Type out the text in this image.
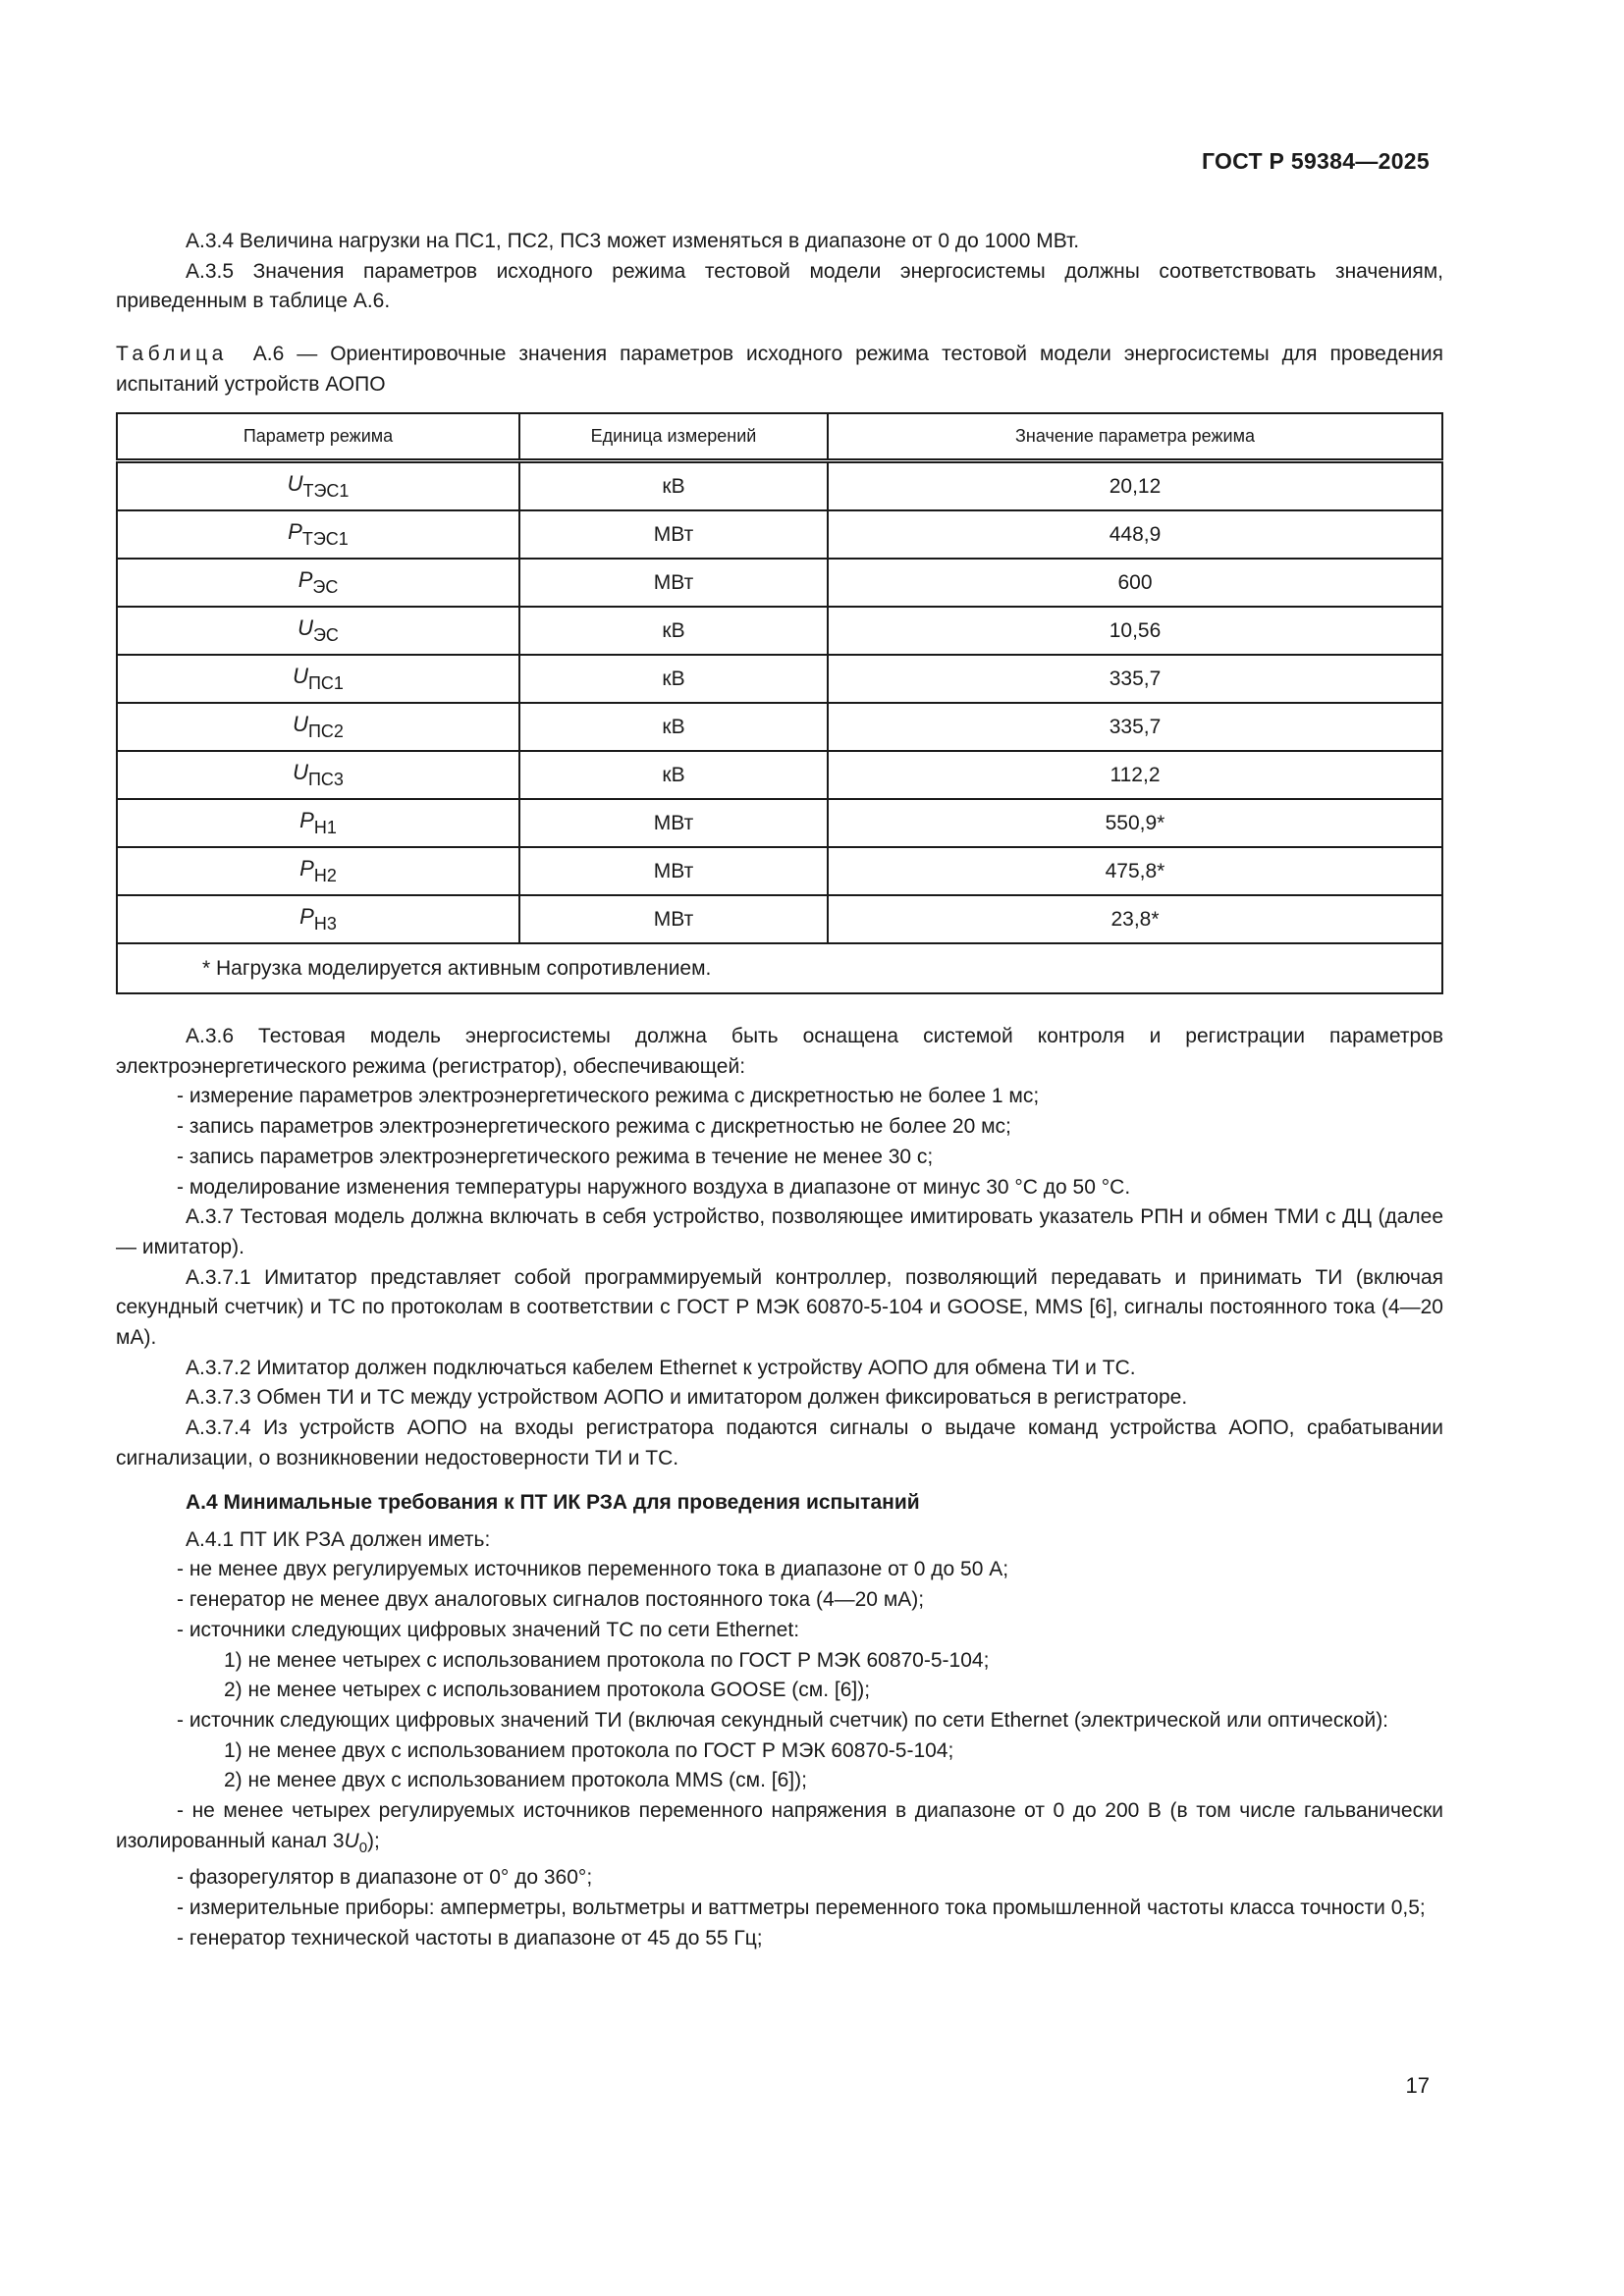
ГОСТ Р 59384—2025

А.3.4 Величина нагрузки на ПС1, ПС2, ПС3 может изменяться в диапазоне от 0 до 1000 МВт.

А.3.5 Значения параметров исходного режима тестовой модели энергосистемы должны соответствовать значениям, приведенным в таблице А.6.

Таблица А.6 — Ориентировочные значения параметров исходного режима тестовой модели энергосистемы для проведения испытаний устройств АОПО
Параметр режима	Единица измерений	Значение параметра режима
$U_{ТЭС1}$	кВ	20,12
$P_{ТЭС1}$	МВт	448,9
$P_{ЭС}$	МВт	600
$U_{ЭС}$	кВ	10,56
$U_{ПС1}$	кВ	335,7
$U_{ПС2}$	кВ	335,7
$U_{ПС3}$	кВ	112,2
$P_{Н1}$	МВт	550,9*
$P_{Н2}$	МВт	475,8*
$P_{Н3}$	МВт	23,8*
* Нагрузка моделируется активным сопротивлением.		

А.3.6 Тестовая модель энергосистемы должна быть оснащена системой контроля и регистрации параметров электроэнергетического режима (регистратор), обеспечивающей:

- измерение параметров электроэнергетического режима с дискретностью не более 1 мс;

- запись параметров электроэнергетического режима с дискретностью не более 20 мс;

- запись параметров электроэнергетического режима в течение не менее 30 с;

- моделирование изменения температуры наружного воздуха в диапазоне от минус 30 °С до 50 °С.

А.3.7 Тестовая модель должна включать в себя устройство, позволяющее имитировать указатель РПН и обмен ТМИ с ДЦ (далее — имитатор).

А.3.7.1 Имитатор представляет собой программируемый контроллер, позволяющий передавать и принимать ТИ (включая секундный счетчик) и ТС по протоколам в соответствии с ГОСТ Р МЭК 60870-5-104 и GOOSE, MMS [6], сигналы постоянного тока (4—20 мА).

А.3.7.2 Имитатор должен подключаться кабелем Ethernet к устройству АОПО для обмена ТИ и ТС.

А.3.7.3 Обмен ТИ и ТС между устройством АОПО и имитатором должен фиксироваться в регистраторе.

А.3.7.4 Из устройств АОПО на входы регистратора подаются сигналы о выдаче команд устройства АОПО, срабатывании сигнализации, о возникновении недостоверности ТИ и ТС.

А.4 Минимальные требования к ПТ ИК РЗА для проведения испытаний

А.4.1 ПТ ИК РЗА должен иметь:

- не менее двух регулируемых источников переменного тока в диапазоне от 0 до 50 А;

- генератор не менее двух аналоговых сигналов постоянного тока (4—20 мА);

- источники следующих цифровых значений ТС по сети Ethernet:

1) не менее четырех с использованием протокола по ГОСТ Р МЭК 60870-5-104;

2) не менее четырех с использованием протокола GOOSE (см. [6]);

- источник следующих цифровых значений ТИ (включая секундный счетчик) по сети Ethernet (электрической или оптической):

1) не менее двух с использованием протокола по ГОСТ Р МЭК 60870-5-104;

2) не менее двух с использованием протокола MMS (см. [6]);

- не менее четырех регулируемых источников переменного напряжения в диапазоне от 0 до 200 В (в том числе гальванически изолированный канал $3U_0$);

- фазорегулятор в диапазоне от 0° до 360°;

- измерительные приборы: амперметры, вольтметры и ваттметры переменного тока промышленной частоты класса точности 0,5;

- генератор технической частоты в диапазоне от 45 до 55 Гц;

17
